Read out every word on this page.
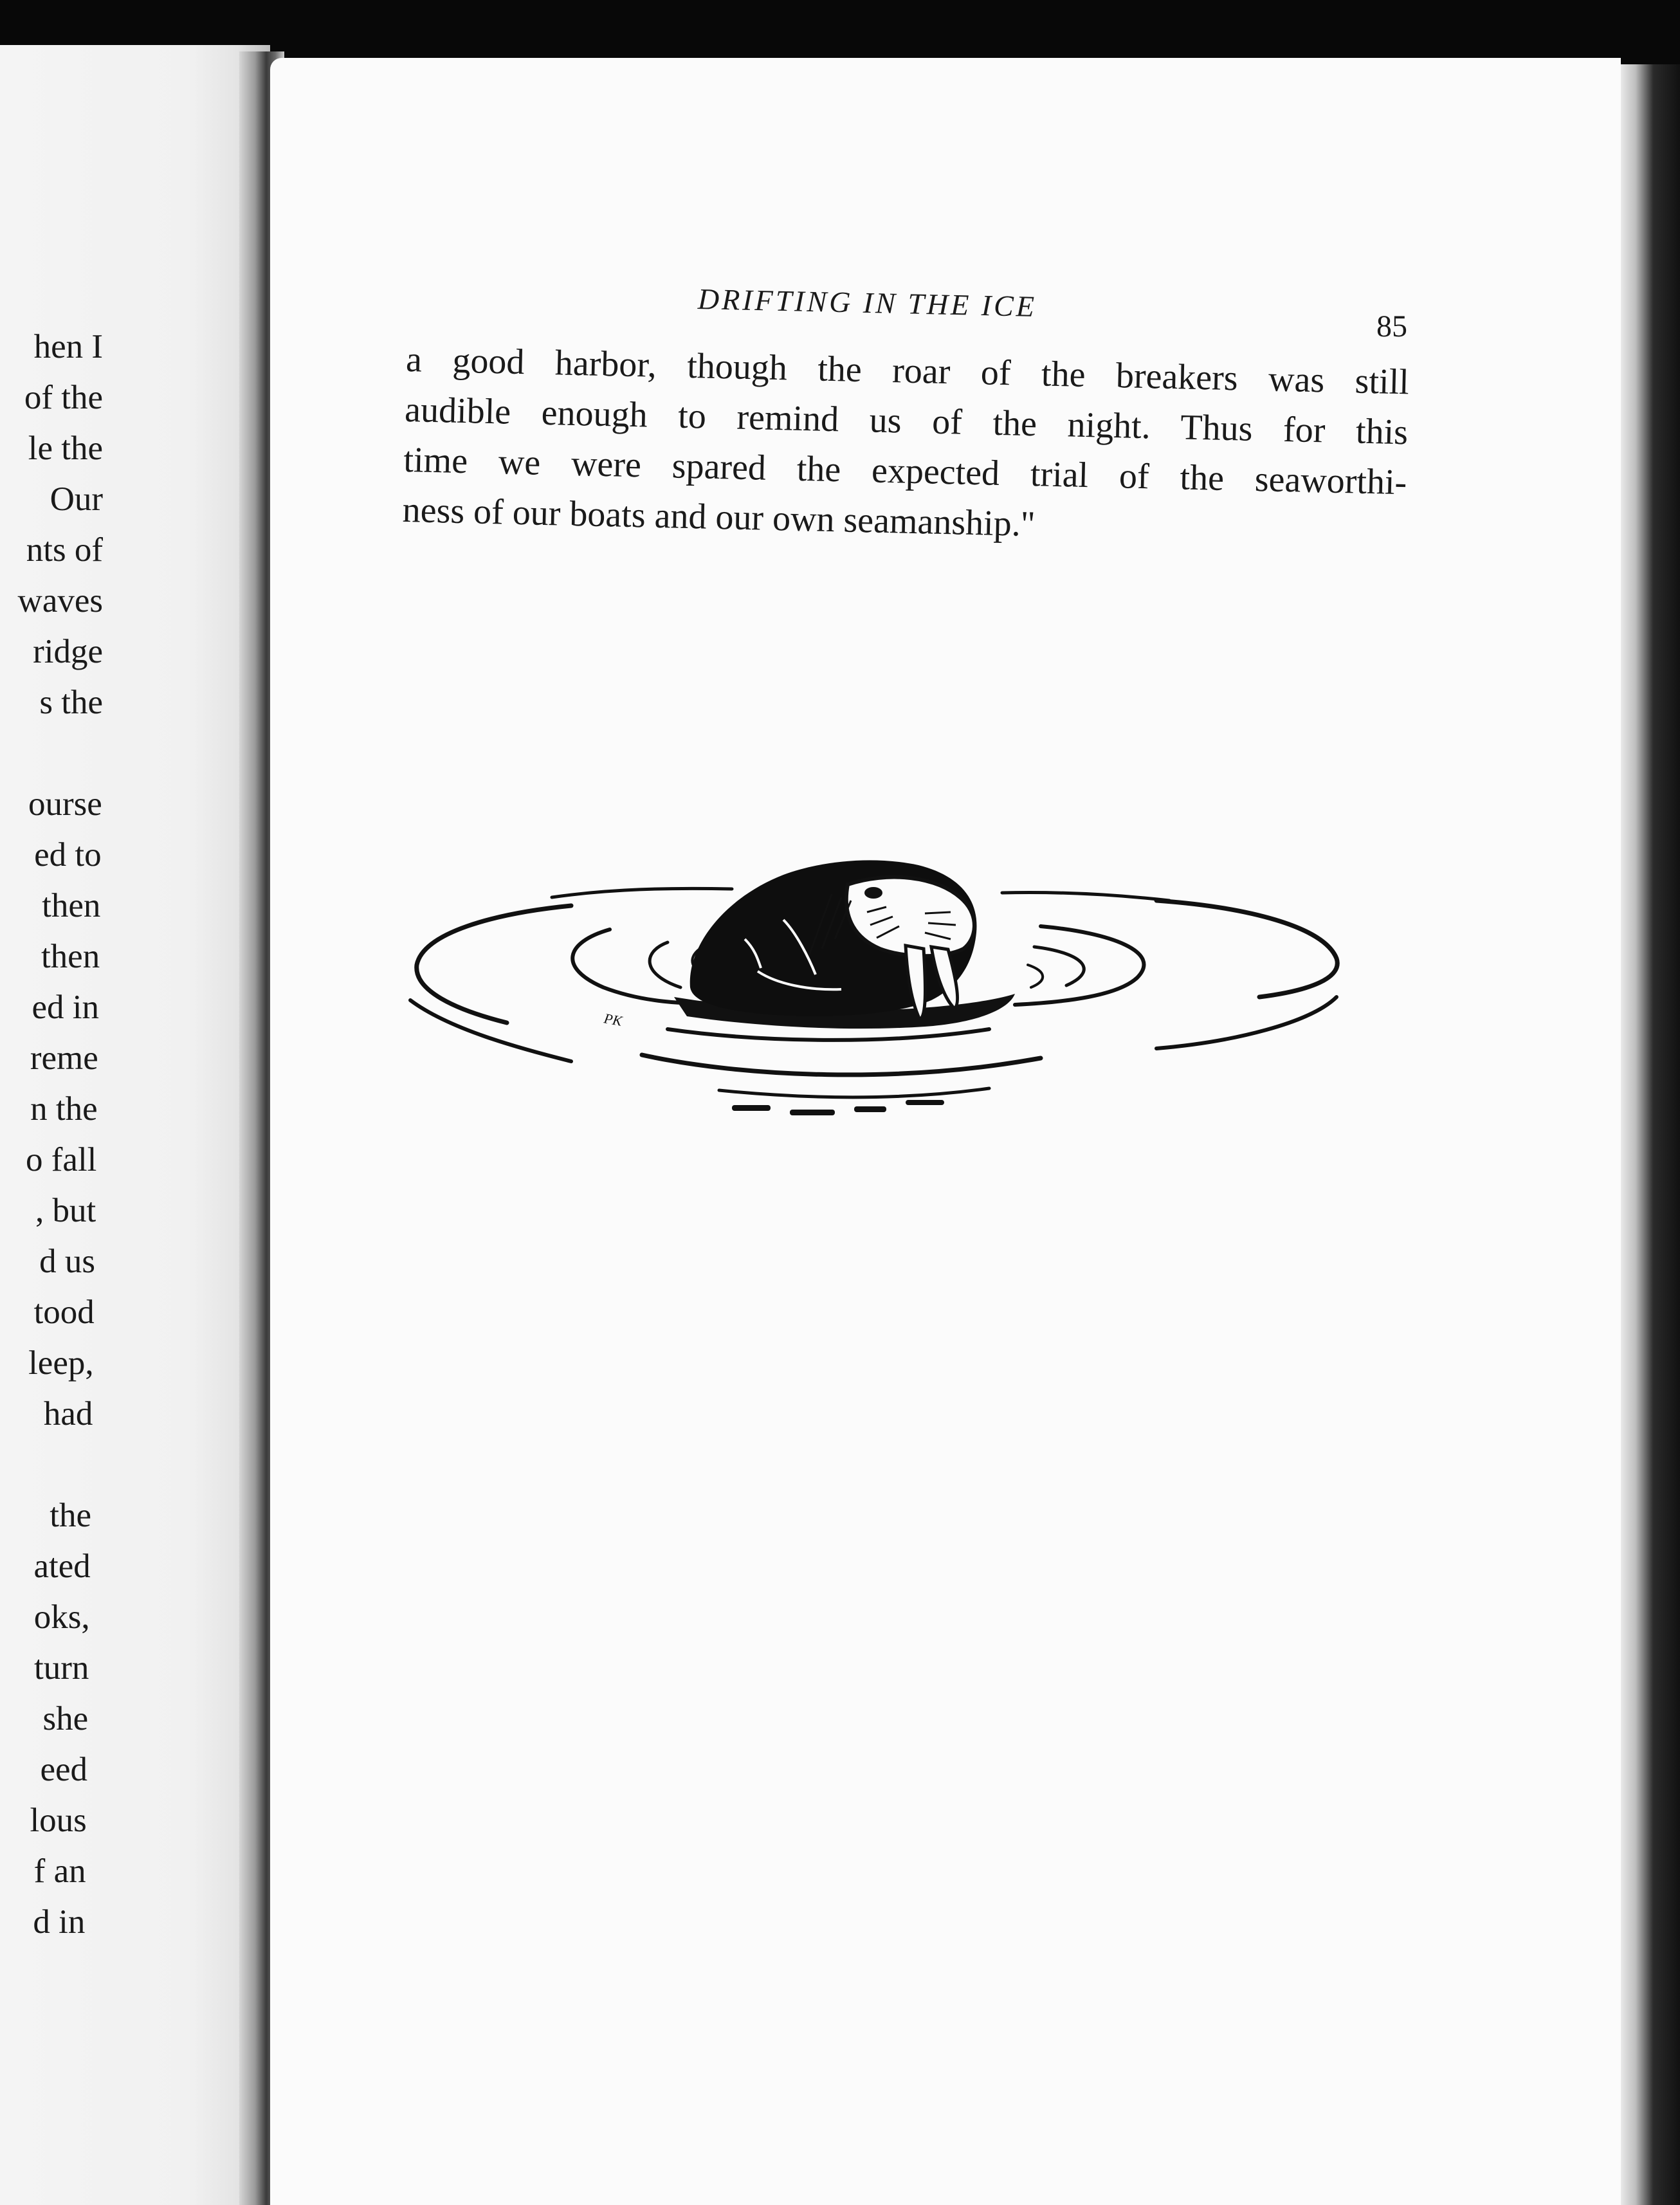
hen I
of the
le the
Our
nts of
waves
ridge
s the
ourse
ed to
then
then
ed in
reme
n the
o fall
, but
d us
tood
leep,
had
the
ated
oks,
turn
she
eed
lous
f an
d in
DRIFTING IN THE ICE
85
a good harbor, though the roar of the breakers was still
audible enough to remind us of the night. Thus for this
time we were spared the expected trial of the seaworthi-
ness of our boats and our own seamanship."
PK
